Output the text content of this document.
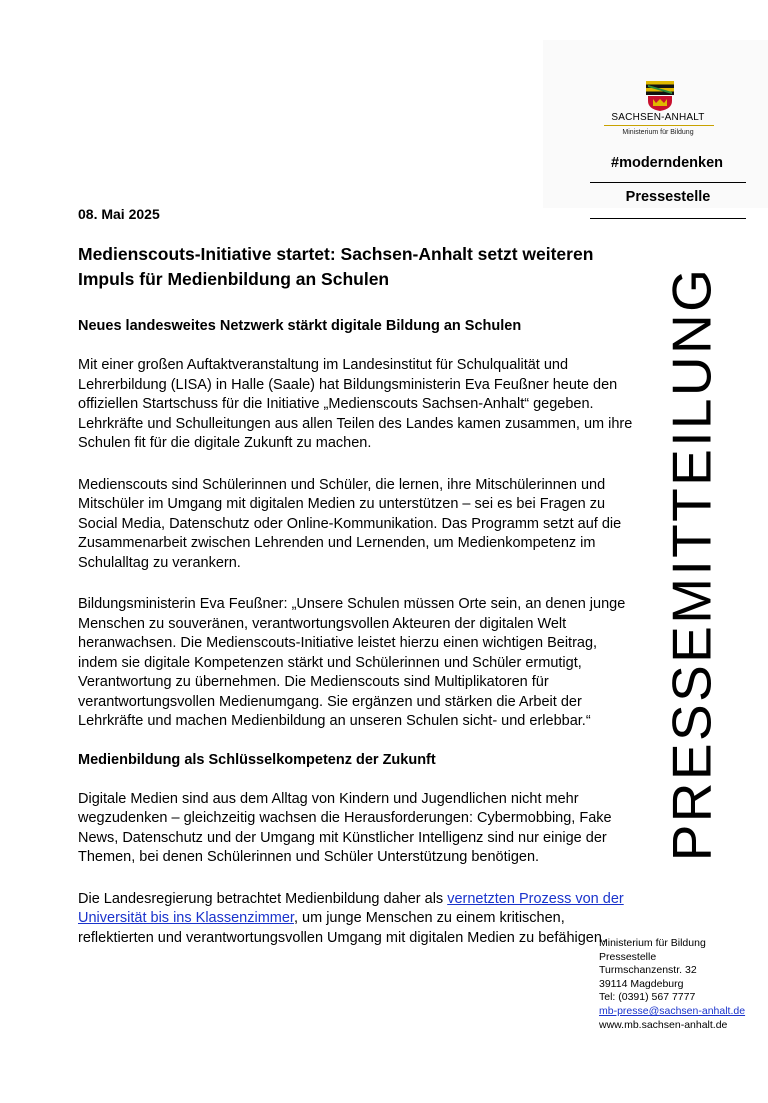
SACHSEN-ANHALT
Ministerium für Bildung
#moderndenken
Pressestelle
PRESSEMITTEILUNG

08. Mai 2025

Medienscouts-Initiative startet: Sachsen-Anhalt setzt weiteren Impuls für Medienbildung an Schulen
Neues landesweites Netzwerk stärkt digitale Bildung an Schulen

Mit einer großen Auftaktveranstaltung im Landesinstitut für Schulqualität und Lehrerbildung (LISA) in Halle (Saale) hat Bildungsministerin Eva Feußner heute den offiziellen Startschuss für die Initiative „Medienscouts Sachsen-Anhalt“ gegeben. Lehrkräfte und Schulleitungen aus allen Teilen des Landes kamen zusammen, um ihre Schulen fit für die digitale Zukunft zu machen.

Medienscouts sind Schülerinnen und Schüler, die lernen, ihre Mitschülerinnen und Mitschüler im Umgang mit digitalen Medien zu unterstützen – sei es bei Fragen zu Social Media, Datenschutz oder Online-Kommunikation. Das Programm setzt auf die Zusammenarbeit zwischen Lehrenden und Lernenden, um Medienkompetenz im Schulalltag zu verankern.

Bildungsministerin Eva Feußner: „Unsere Schulen müssen Orte sein, an denen junge Menschen zu souveränen, verantwortungsvollen Akteuren der digitalen Welt heranwachsen. Die Medienscouts-Initiative leistet hierzu einen wichtigen Beitrag, indem sie digitale Kompetenzen stärkt und Schülerinnen und Schüler ermutigt, Verantwortung zu übernehmen. Die Medienscouts sind Multiplikatoren für verantwortungsvollen Medienumgang. Sie ergänzen und stärken die Arbeit der Lehrkräfte und machen Medienbildung an unseren Schulen sicht- und erlebbar.“

Medienbildung als Schlüsselkompetenz der Zukunft

Digitale Medien sind aus dem Alltag von Kindern und Jugendlichen nicht mehr wegzudenken – gleichzeitig wachsen die Herausforderungen: Cybermobbing, Fake News, Datenschutz und der Umgang mit Künstlicher Intelligenz sind nur einige der Themen, bei denen Schülerinnen und Schüler Unterstützung benötigen.

Die Landesregierung betrachtet Medienbildung daher als vernetzten Prozess von der Universität bis ins Klassenzimmer, um junge Menschen zu einem kritischen, reflektierten und verantwortungsvollen Umgang mit digitalen Medien zu befähigen.

Ministerium für Bildung
Pressestelle
Turmschanzenstr. 32
39114 Magdeburg
Tel: (0391) 567 7777
mb-presse@sachsen-anhalt.de
www.mb.sachsen-anhalt.de
